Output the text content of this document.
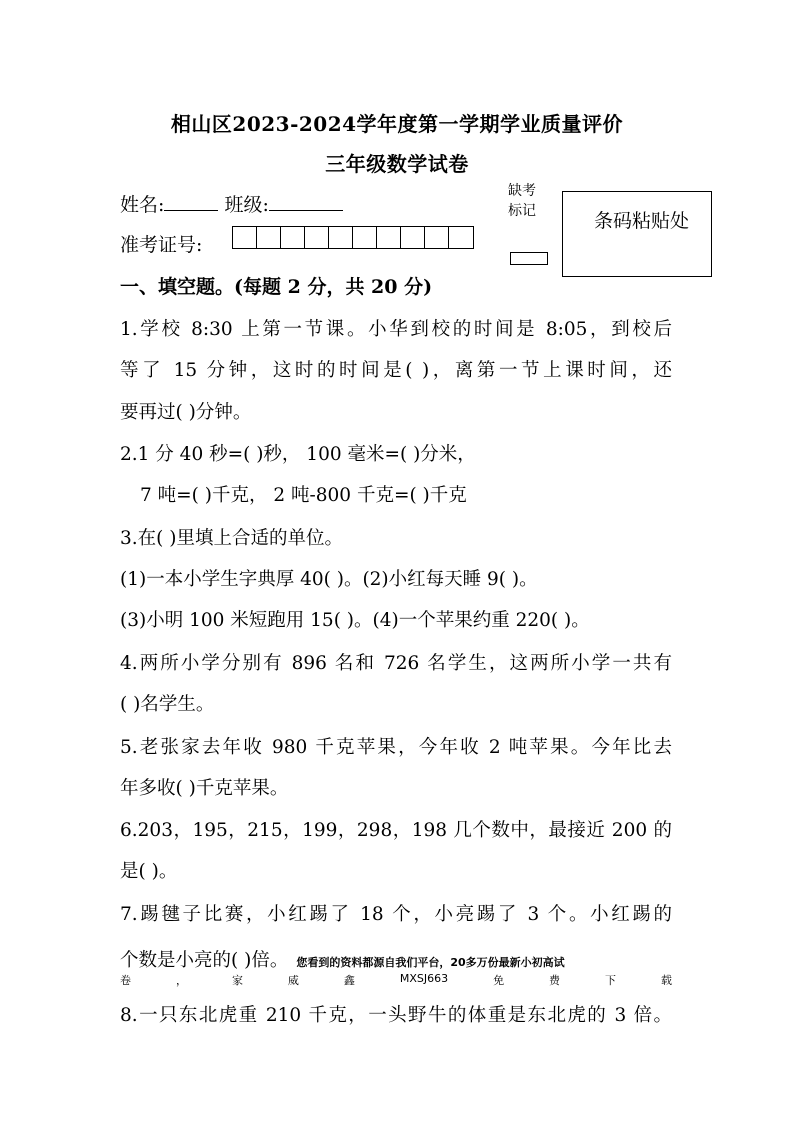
相山区2023-2024学年度第一学期学业质量评价
三年级数学试卷
姓名:	班级:
准考证号:
缺考
标记	条码粘贴处
一、填空题。(每题 2 分，共 20 分)
1.学校 8:30 上第一节课。小华到校的时间是 8:05，到校后
等了 15 分钟，这时的时间是( )，离第一节上课时间，还
要再过( )分钟。
2.1 分 40 秒=( )秒， 100 毫米=( )分米，
7 吨=( )千克， 2 吨-800 千克=( )千克
3.在( )里填上合适的单位。
(1)一本小学生字典厚 40( )。(2)小红每天睡 9( )。
(3)小明 100 米短跑用 15( )。(4)一个苹果约重 220( )。
4.两所小学分别有 896 名和 726 名学生，这两所小学一共有
( )名学生。
5.老张家去年收 980 千克苹果，今年收 2 吨苹果。今年比去
年多收( )千克苹果。
6.203，195，215，199，298，198 几个数中，最接近 200 的
是( )。
7.踢毽子比赛，小红踢了 18 个，小亮踢了 3 个。小红踢的
个数是小亮的( )倍。 您看到的资料都源自我们平台，20多万份最新小初高试
卷	，	家	威	鑫	MXSJ663	免	费	下	载
8.一只东北虎重 210 千克，一头野牛的体重是东北虎的 3 倍。
